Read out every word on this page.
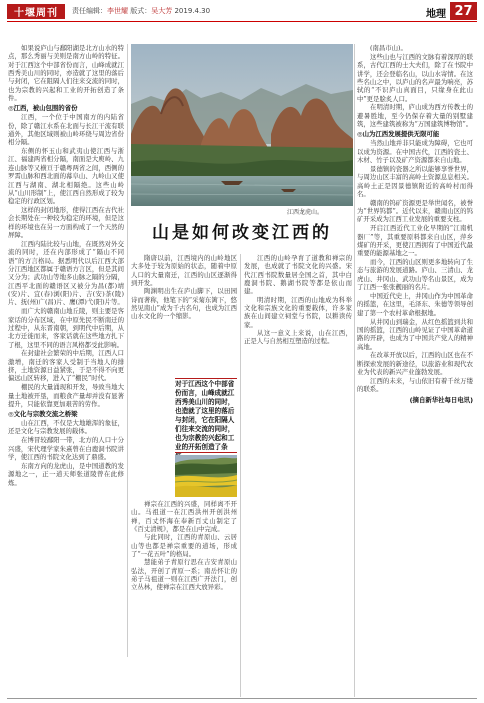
十堰周刊	责任编辑：李世耀 版式：吴大芳 2019.4.30	地理 27

如果说庐山与鄱阳湖是北方山水的特点，那么秀丽与美则是南方山岭的特征。对于江西这个中部省份而言，山峰成就江西秀美山川的同时，亦造就了这里的落后与封闭，它在阻隔人们往来交流的同时，也为宗教的兴起和工业的开拓创造了条件。

◎江西，被山包围的省份

江西，一个位于中国南方的内陆省份，除了赣江水系在北面与长江干流有联通外，其他区域则被山岭环绕与周边省份相分隔。

东侧的怀玉山和武夷山使江西与浙江、福建两省相分隔，南面是大庾岭、九连山脉等又横亘于赣粤两省之间，西侧的罗霄山脉和西北面的幕阜山、九岭山又使江西与湖南、湖北相隔绝。这些山岭从“山川形制”上，使江西自然形成了较为稳定的行政区划。

这样的封闭地形，使得江西在古代社会长期处在一种较为稳定的环境，但是这样的环境也在另一方面构成了一个天然的屏障。

江西内陆比较与山地，在既然对外交流的同时，还在内部形成了“隔山不同语”的方言格局。据悉明代以后江西大部分江西地区都属于赣语方言区，但是其间又分为；武功山等地多山脉之隔的分隔，江西平北面的赣语区又被分为昌(都)靖(安)片、宜(春)浏(阳)片、吉(安)茶(陵)片、抚(州)广(昌)片、鹰(潭)弋(阳)片等。

而广大的赣南山地丘陵，则主要是客家话的分布区域，在中原先民不断南迁的过程中，从东晋南朝，到明代中后期，从北方迁徙而来，客家话就在这些地方扎下了根，这里不同的语言风格都受此影响。

在封建社会繁荣的中后期，江西人口激增，南迁的客家人受制于当地人的排挤，土地资源日益紧张，于是不得不向更偏远山区转移，进入了“棚民”时代。

棚民的大量涌现和开发，导致当地大量土地被开垦，而粮食产量却并没有显著提升，只能依靠更加艰苦的劳作。

◎文化与宗教交流之桥梁

山在江西，不仅是大地雄浑的象征，还是文化与宗教发展的载体。

在博冒较鄱阳一带，北方的人口十分兴盛，宋代理学家朱熹曾在白鹿洞书院讲学，使江西的书院文化达到了鼎盛。

东南方向的龙虎山，是中国道教的发源地之一，正一道天师张道陵曾在此修炼。

江西龙虎山。
山是如何改变江西的

隋唐以前，江西境内的山岭地区大多处于较为原始的状态，随着中原人口的大量南迁，江西的山区逐渐得到开发。

陶渊明出生在庐山脚下，以田园诗而著称，他笔下的“采菊东篱下，悠然见南山”成为千古名句，也成为江西山水文化的一个缩影。

对于江西这个中部省份而言，山峰成就江西秀美山川的同时，也造就了这里的落后与封闭，它在阳隔人们往来交流的同时，也为宗教的兴起和工业的开拓创造了条

禅宗在江西的兴盛，同样离不开山。马祖道一在江西洪州开创洪州禅，百丈怀海在奉新百丈山制定了《百丈清规》，都是在山中完成。

与此同时，江西的青原山、云居山等也都是禅宗重要的道场，形成了“一花五叶”的格局。

慧能弟子青原行思在吉安青原山弘法，开创了青原一系；南岳怀让的弟子马祖道一则在江西广开法门，创立丛林，使禅宗在江西大放异彩。

江西的山岭孕育了道教和禅宗的发展，也成就了书院文化的兴盛。宋代江西书院数量居全国之首，其中白鹿洞书院、鹅湖书院等都是依山而建。

明清时期，江西的山地成为科举文化和宗族文化的重要载体，许多家族在山间建立祠堂与书院，以耕读传家。

从这一意义上来说，山在江西，正是人与自然相互塑造的过程。

(南昌市山)。

这些山也与江西的文脉有着深厚的联系，古代江西的士大夫们，除了在书院中讲学，还会登临名山，以山水寄情。在这些名山之中，以庐山的名声最为响亮，苏轼的“不识庐山真面目，只缘身在此山中”更是脍炙人口。

在明清时期，庐山成为西方传教士的避暑胜地，至今仍保存着大量的别墅建筑，这些建筑被称为“万国建筑博物馆”。

◎山为江西发展提供无限可能

当然山地并非只能成为障碍，它也可以成为资源。在中国古代，江西的瓷土、木材、竹子以及矿产资源都来自山地。

景德镇的瓷器之所以能够享誉世界，与周边山区丰富的高岭土资源息息相关。高岭土正是因景德镇附近的高岭村而得名。

赣南的钨矿资源更是举世闻名，被誉为“世界钨都”。近代以来，赣南山区的钨矿开采成为江西工业发展的重要支柱。

开启江西近代工业化早期的“江南机器厂”等，其重要原料都来自山区，萍乡煤矿的开采，更使江西拥有了中国近代最重要的能源基地之一。

而今，江西的山区则更多地转向了生态与旅游的发展道路。庐山、三清山、龙虎山、井冈山、武功山等名山景区，成为了江西一张张靓丽的名片。

中国近代史上，井冈山作为中国革命的摇篮，在这里，毛泽东、朱德等领导创建了第一个农村革命根据地。

从井冈山到瑞金，从红色摇篮到共和国的摇篮，江西的山岭见证了中国革命道路的开辟，也成为了中国共产党人的精神高地。

在改革开放以后，江西的山区也在不断探索发展的新途径，以旅游业和现代农业为代表的新兴产业蓬勃发展。

江西的未来，与山依旧有着千丝万缕的联系。

(摘自新华社每日电讯)
